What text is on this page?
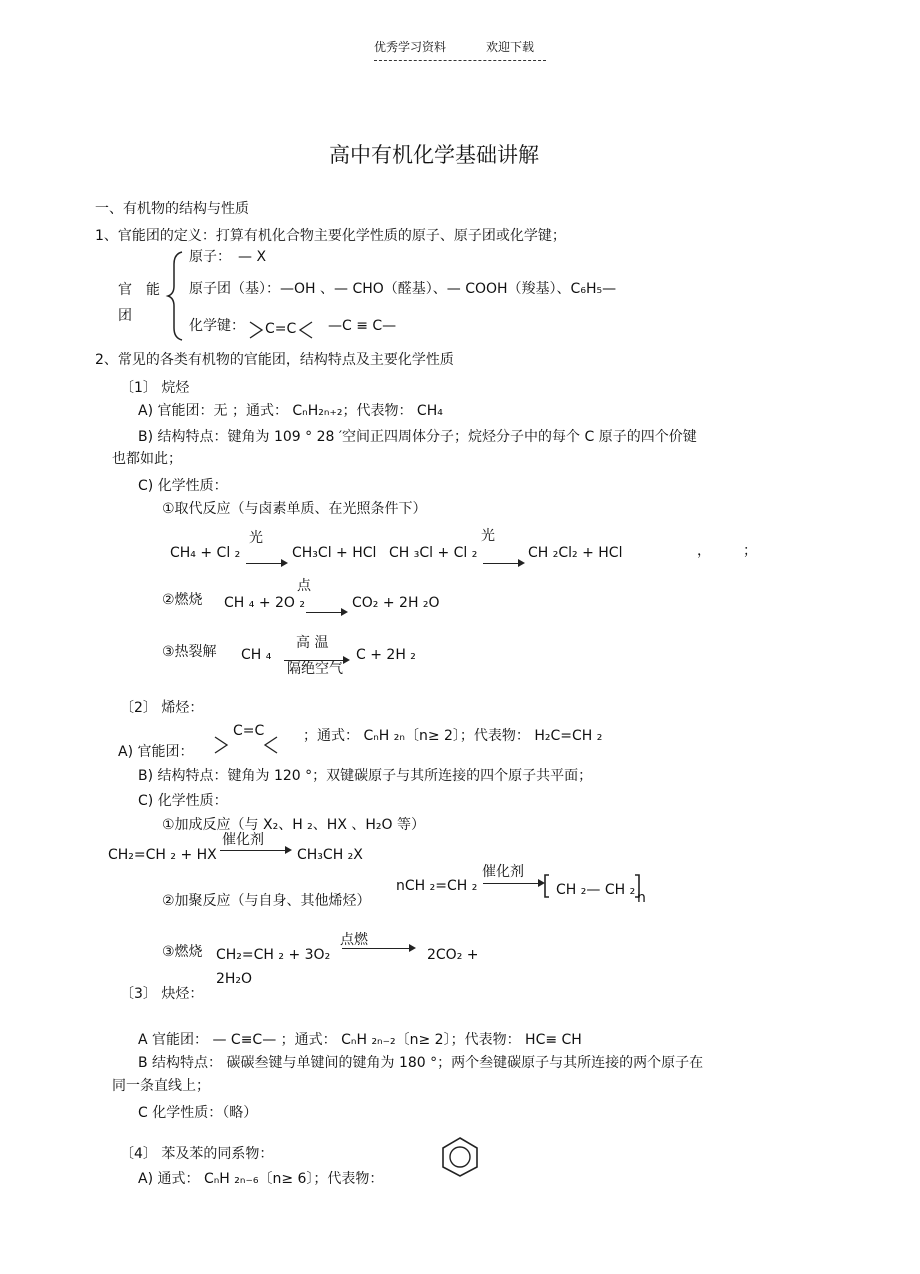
优秀学习资料	欢迎下载
高中有机化学基础讲解
一、有机物的结构与性质
1、官能团的定义：打算有机化合物主要化学性质的原子、原子团或化学键；
官　能
团
原子：　— X
原子团（基）：—OH 、— CHO（醛基）、— COOH（羧基）、C₆H₅—
化学键： C=C —C ≡ C—
2、常见的各类有机物的官能团，结构特点及主要化学性质
〔1〕 烷烃
A) 官能团：无 ；通式： CₙH₂ₙ₊₂；代表物： CH₄
B) 结构特点：键角为 109 ° 28 ′空间正四周体分子；烷烃分子中的每个 C 原子的四个价键
也都如此；
C) 化学性质：
①取代反应（与卤素单质、在光照条件下）
光	光
CH₄ + Cl ₂	CH₃Cl + HCl CH ₃Cl + Cl ₂	CH ₂Cl₂ + HCl	， ；
②燃烧
点
CH ₄ + 2O ₂	CO₂ + 2H ₂O
③热裂解 CH ₄
高 温
隔绝空气
C + 2H ₂
〔2〕 烯烃：
A) 官能团：
C=C	；通式： CₙH ₂ₙ〔n≥ 2〕；代表物： H₂C=CH ₂
B) 结构特点：键角为 120 °；双键碳原子与其所连接的四个原子共平面；
C) 化学性质：
①加成反应（与 X₂、H ₂、HX 、H₂O 等）
催化剂
CH₂=CH ₂ + HX	CH₃CH ₂X
②加聚反应（与自身、其他烯烃）
nCH ₂=CH ₂
催化剂
CH ₂— CH ₂ n
点燃
③燃烧 CH₂=CH ₂ + 3O₂	2CO₂ +
2H₂O
〔3〕 炔烃：
A 官能团： — C≡C— ；通式： CₙH ₂ₙ₋₂〔n≥ 2〕；代表物： HC≡ CH
B 结构特点： 碳碳叁键与单键间的键角为 180 °；两个叁键碳原子与其所连接的两个原子在
同一条直线上；
C 化学性质：（略）
〔4〕 苯及苯的同系物：
A) 通式： CₙH ₂ₙ₋₆〔n≥ 6〕；代表物：
